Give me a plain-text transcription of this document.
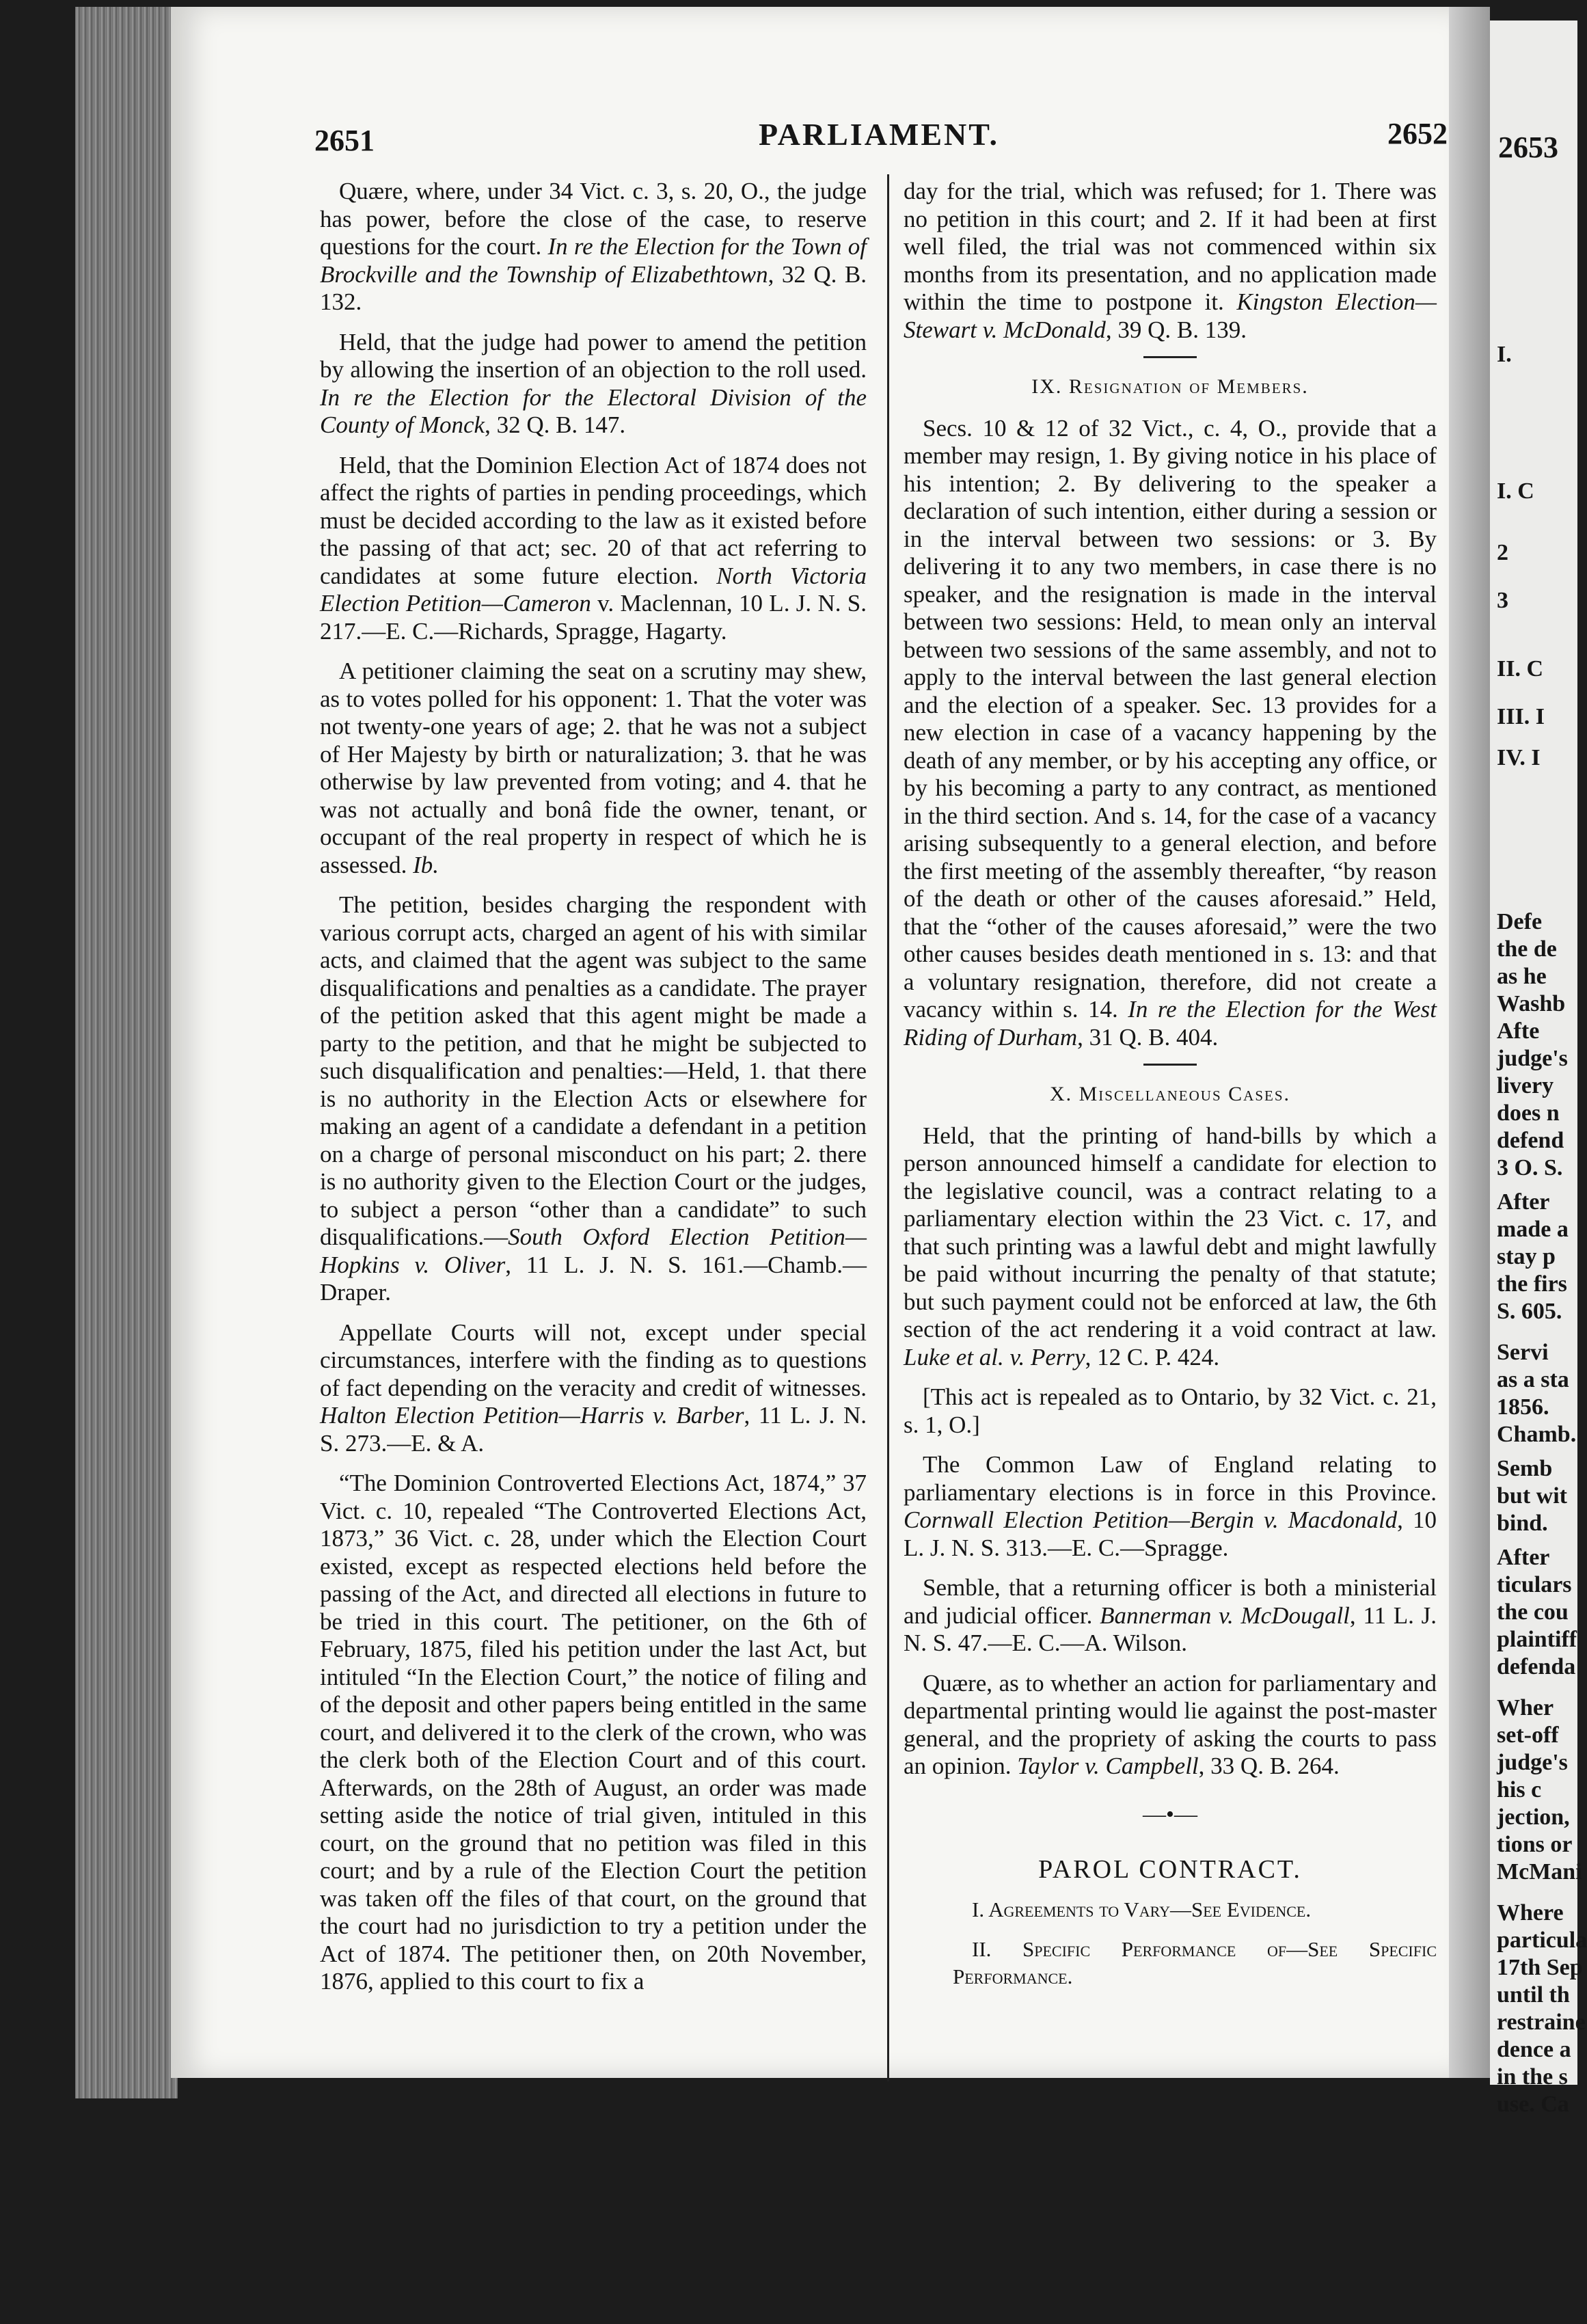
2651	PARLIAMENT.	2652

Quære, where, under 34 Vict. c. 3, s. 20, O., the judge has power, before the close of the case, to reserve questions for the court. In re the Election for the Town of Brockville and the Township of Elizabethtown, 32 Q. B. 132.

Held, that the judge had power to amend the petition by allowing the insertion of an objection to the roll used. In re the Election for the Electoral Division of the County of Monck, 32 Q. B. 147.

Held, that the Dominion Election Act of 1874 does not affect the rights of parties in pending proceedings, which must be decided according to the law as it existed before the passing of that act; sec. 20 of that act referring to candidates at some future election. North Victoria Election Petition—Cameron v. Maclennan, 10 L. J. N. S. 217.—E. C.—Richards, Spragge, Hagarty.

A petitioner claiming the seat on a scrutiny may shew, as to votes polled for his opponent: 1. That the voter was not twenty-one years of age; 2. that he was not a subject of Her Majesty by birth or naturalization; 3. that he was otherwise by law prevented from voting; and 4. that he was not actually and bonâ fide the owner, tenant, or occupant of the real property in respect of which he is assessed. Ib.

The petition, besides charging the respondent with various corrupt acts, charged an agent of his with similar acts, and claimed that the agent was subject to the same disqualifications and penalties as a candidate. The prayer of the petition asked that this agent might be made a party to the petition, and that he might be subjected to such disqualification and penalties:—Held, 1. that there is no authority in the Election Acts or elsewhere for making an agent of a candidate a defendant in a petition on a charge of personal misconduct on his part; 2. there is no authority given to the Election Court or the judges, to subject a person “other than a candidate” to such disqualifications.—South Oxford Election Petition—Hopkins v. Oliver, 11 L. J. N. S. 161.—Chamb.—Draper.

Appellate Courts will not, except under special circumstances, interfere with the finding as to questions of fact depending on the veracity and credit of witnesses. Halton Election Petition—Harris v. Barber, 11 L. J. N. S. 273.—E. & A.

“The Dominion Controverted Elections Act, 1874,” 37 Vict. c. 10, repealed “The Controverted Elections Act, 1873,” 36 Vict. c. 28, under which the Election Court existed, except as respected elections held before the passing of the Act, and directed all elections in future to be tried in this court. The petitioner, on the 6th of February, 1875, filed his petition under the last Act, but intituled “In the Election Court,” the notice of filing and of the deposit and other papers being entitled in the same court, and delivered it to the clerk of the crown, who was the clerk both of the Election Court and of this court. Afterwards, on the 28th of August, an order was made setting aside the notice of trial given, intituled in this court, on the ground that no petition was filed in this court; and by a rule of the Election Court the petition was taken off the files of that court, on the ground that the court had no jurisdiction to try a petition under the Act of 1874. The petitioner then, on 20th November, 1876, applied to this court to fix a

day for the trial, which was refused; for 1. There was no petition in this court; and 2. If it had been at first well filed, the trial was not commenced within six months from its presentation, and no application made within the time to postpone it. Kingston Election—Stewart v. McDonald, 39 Q. B. 139.

IX. Resignation of Members.

Secs. 10 & 12 of 32 Vict., c. 4, O., provide that a member may resign, 1. By giving notice in his place of his intention; 2. By delivering to the speaker a declaration of such intention, either during a session or in the interval between two sessions: or 3. By delivering it to any two members, in case there is no speaker, and the resignation is made in the interval between two sessions: Held, to mean only an interval between two sessions of the same assembly, and not to apply to the interval between the last general election and the election of a speaker. Sec. 13 provides for a new election in case of a vacancy happening by the death of any member, or by his accepting any office, or by his becoming a party to any contract, as mentioned in the third section. And s. 14, for the case of a vacancy arising subsequently to a general election, and before the first meeting of the assembly thereafter, “by reason of the death or other of the causes aforesaid.” Held, that the “other of the causes aforesaid,” were the two other causes besides death mentioned in s. 13: and that a voluntary resignation, therefore, did not create a vacancy within s. 14. In re the Election for the West Riding of Durham, 31 Q. B. 404.

X. Miscellaneous Cases.

Held, that the printing of hand-bills by which a person announced himself a candidate for election to the legislative council, was a contract relating to a parliamentary election within the 23 Vict. c. 17, and that such printing was a lawful debt and might lawfully be paid without incurring the penalty of that statute; but such payment could not be enforced at law, the 6th section of the act rendering it a void contract at law. Luke et al. v. Perry, 12 C. P. 424.

[This act is repealed as to Ontario, by 32 Vict. c. 21, s. 1, O.]

The Common Law of England relating to parliamentary elections is in force in this Province. Cornwall Election Petition—Bergin v. Macdonald, 10 L. J. N. S. 313.—E. C.—Spragge.

Semble, that a returning officer is both a ministerial and judicial officer. Bannerman v. McDougall, 11 L. J. N. S. 47.—E. C.—A. Wilson.

Quære, as to whether an action for parliamentary and departmental printing would lie against the post-master general, and the propriety of asking the courts to pass an opinion. Taylor v. Campbell, 33 Q. B. 264.

—•—
PAROL CONTRACT.

I. Agreements to Vary—See Evidence.

II. Specific Performance of—See Specific Performance.

2653
I.
I. C
2
3
II. C
III. I
IV. I
Defe
the de
as he
Washb
Afte
judge's
livery
does n
defend
3 O. S.
After
made a
stay p
the firs
S. 605.
Servi
as a sta
1856.
Chamb.
Semb
but wit
bind.
After
ticulars
the cou
plaintiff
defenda
Wher
set-off
judge's
his c
jection,
tions or
McMani
Where
particula
17th Sep
until th
restraine
dence a
in the s
use. Ca
